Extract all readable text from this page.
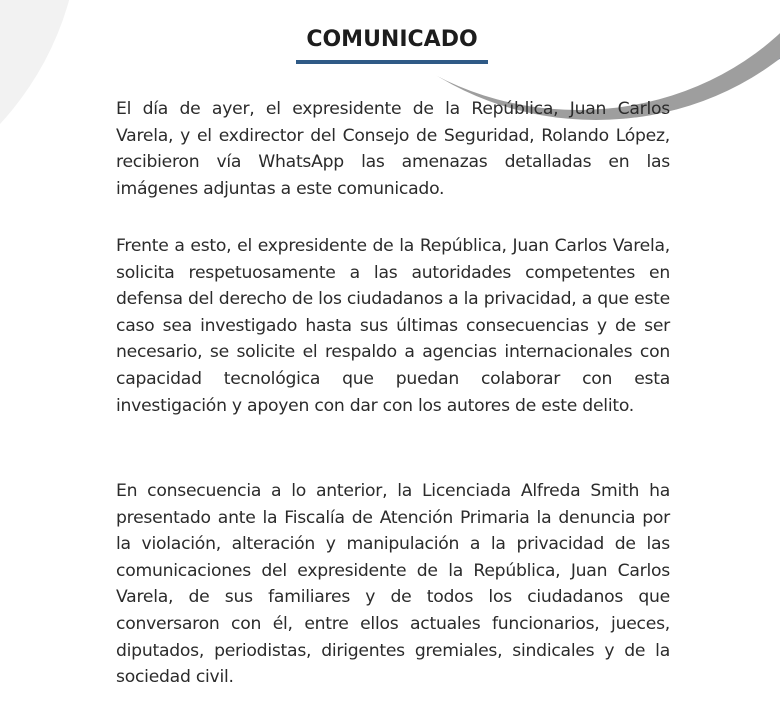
COMUNICADO

El día de ayer, el expresidente de la República, Juan Carlos Varela, y el exdirector del Consejo de Seguridad, Rolando López, recibieron vía WhatsApp las amenazas detalladas en las imágenes adjuntas a este comunicado.

Frente a esto, el expresidente de la República, Juan Carlos Varela, solicita respetuosamente a las autoridades competentes en defensa del derecho de los ciudadanos a la privacidad, a que este caso sea investigado hasta sus últimas consecuencias y de ser necesario, se solicite el respaldo a agencias internacionales con capacidad tecnológica que puedan colaborar con esta investigación y apoyen con dar con los autores de este delito.

En consecuencia a lo anterior, la Licenciada Alfreda Smith ha presentado ante la Fiscalía de Atención Primaria la denuncia por la violación, alteración y manipulación a la privacidad de las comunicaciones del expresidente de la República, Juan Carlos Varela, de sus familiares y de todos los ciudadanos que conversaron con él, entre ellos actuales funcionarios, jueces, diputados, periodistas, dirigentes gremiales, sindicales y de la sociedad civil.
